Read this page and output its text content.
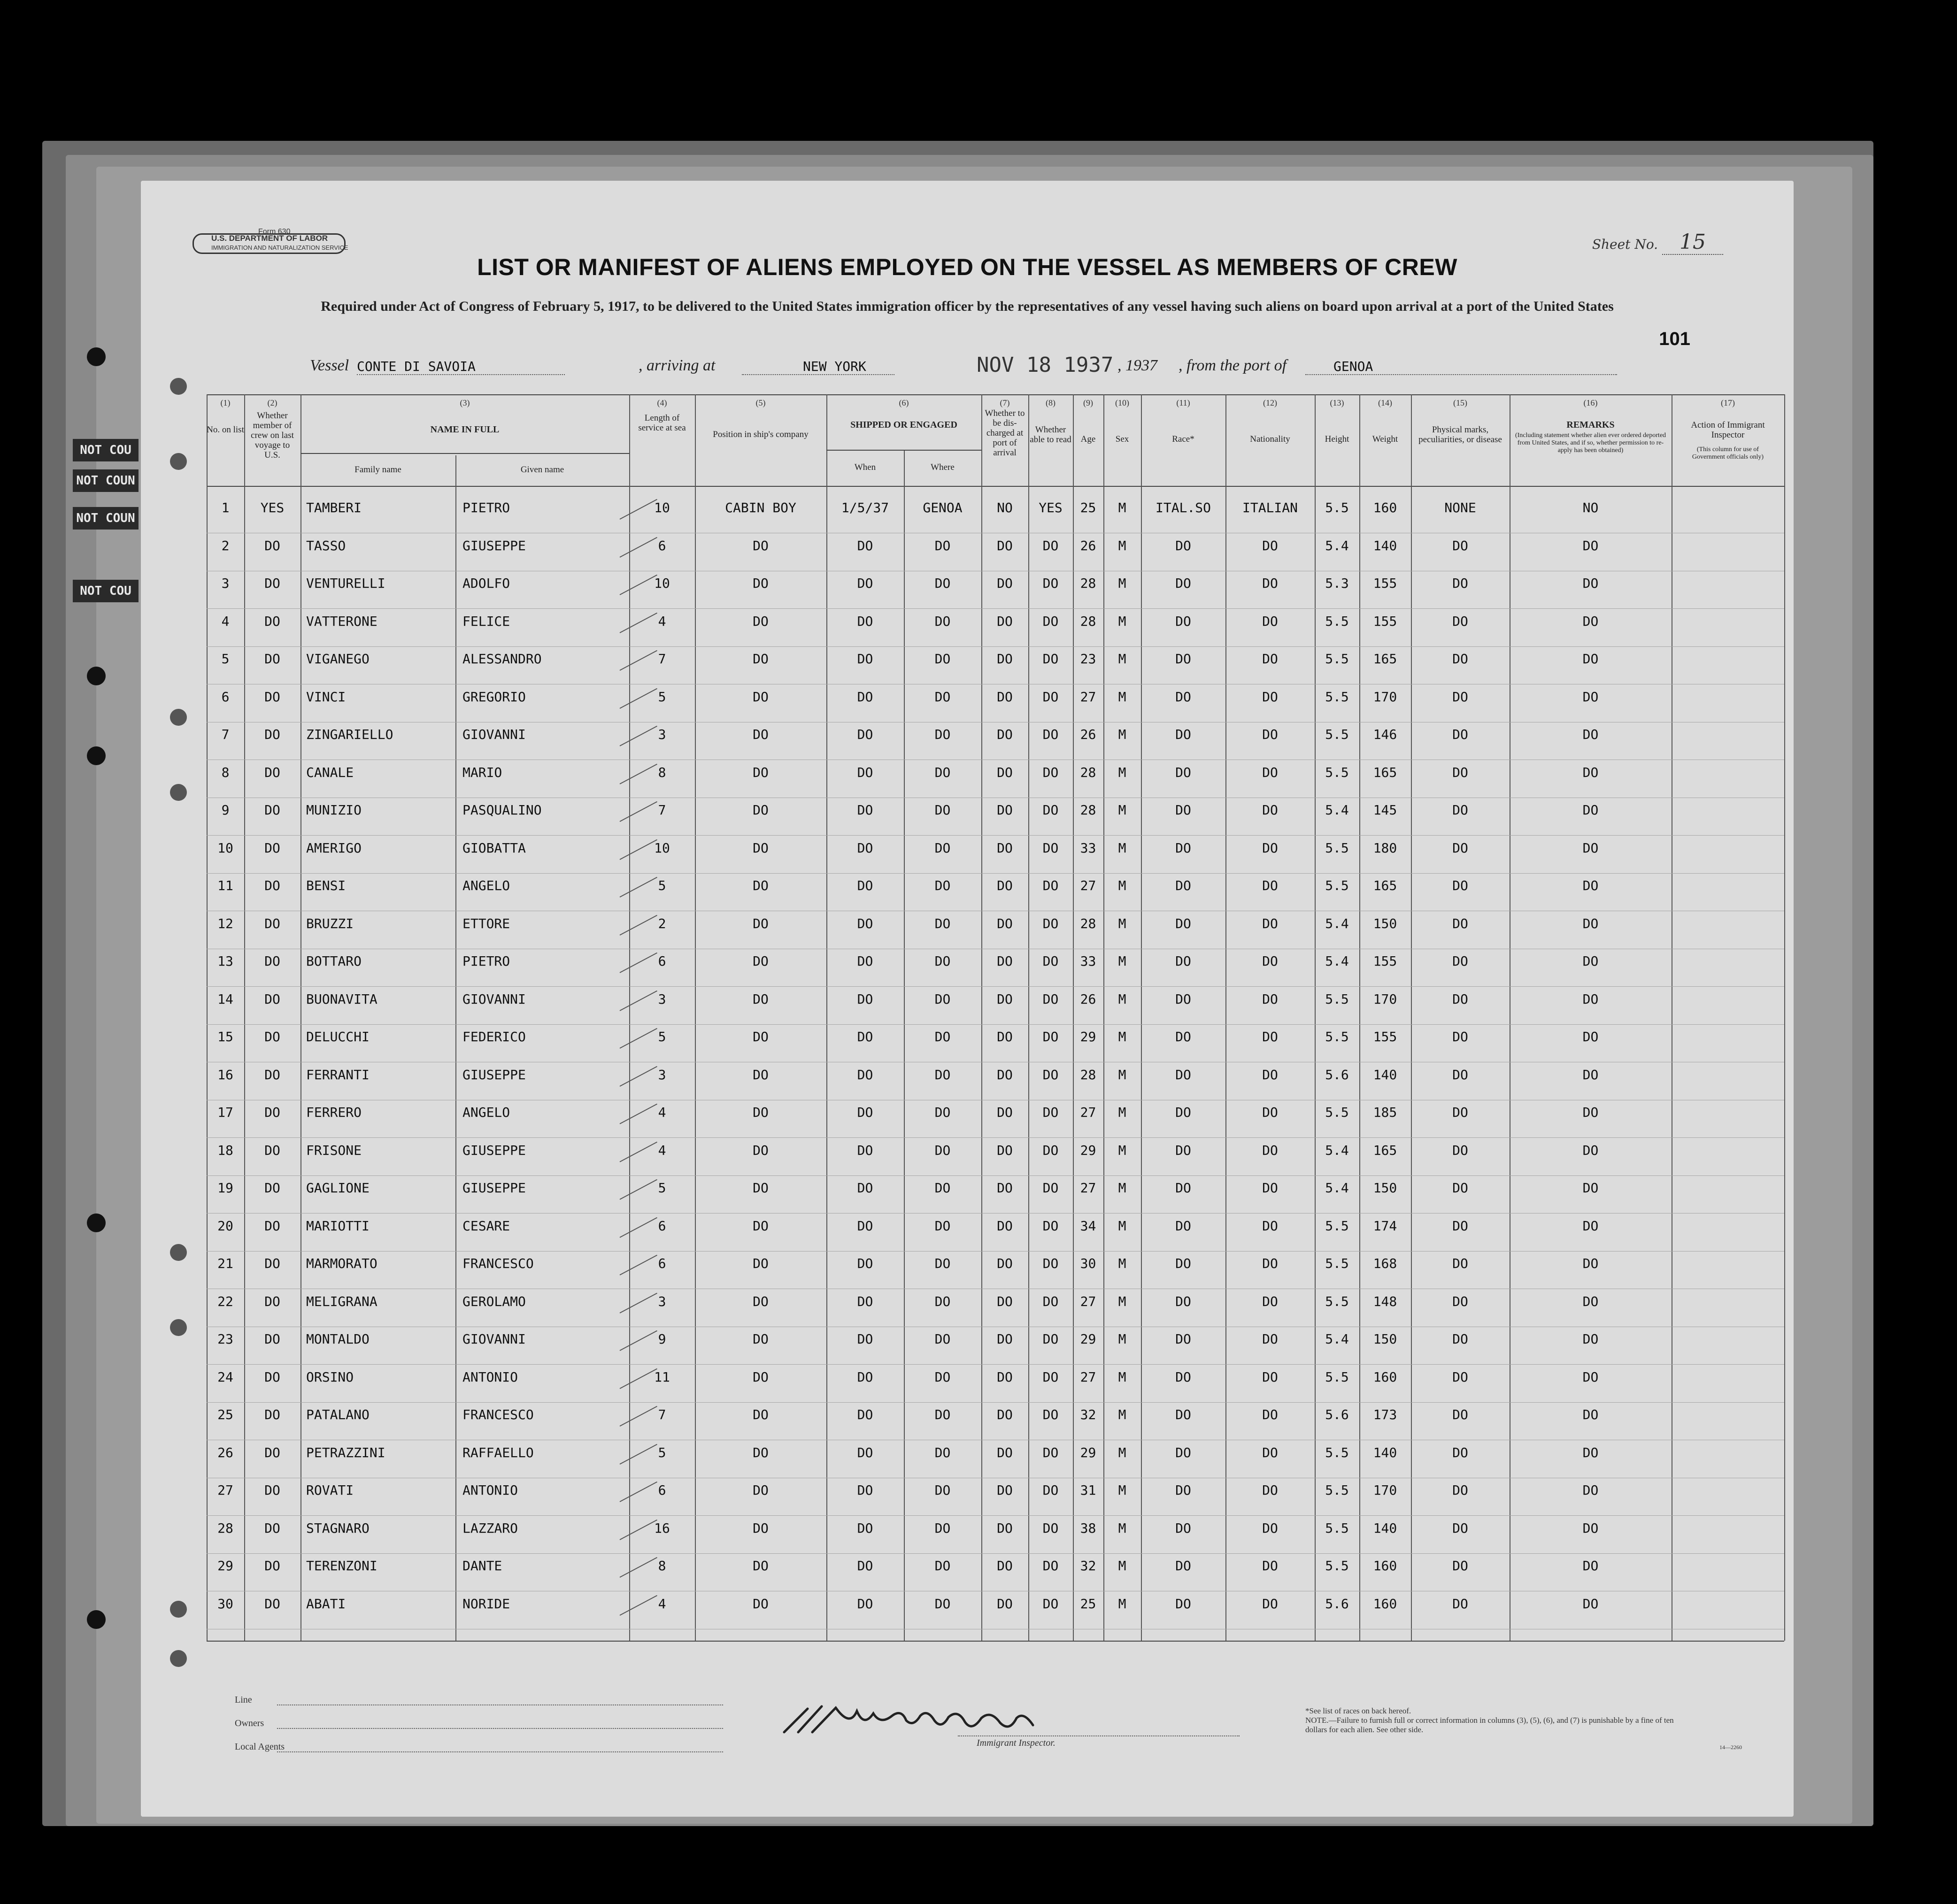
NOT COU
NOT COUN
NOT COUN
NOT COU
Form 630
U.S. DEPARTMENT OF LABOR
IMMIGRATION AND NATURALIZATION SERVICE	Sheet No. 15
LIST OR MANIFEST OF ALIENS EMPLOYED ON THE VESSEL AS MEMBERS OF CREW
Required under Act of Congress of February 5, 1917, to be delivered to the United States immigration officer by the representatives of any vessel having such aliens on board upon arrival at a port of the United States
101
Vessel CONTE DI SAVOIA	, arriving at	NEW YORK	NOV 18 1937 , 1937 , from the port of	GENOA
(1)	(2)	(3)	(4)	(5)	(6)	(7)	(8)	(9)	(10)	(11)	(12)	(13)	(14)	(15)	(16)	(17)
No. on list
Whether member of crew on last voyage to U.S.
NAME IN FULL
Family name	Given name
Length of service at sea
Position in ship's company
SHIPPED OR ENGAGED
When	Where
Whether to be dis-charged at port of arrival
Whether able to read	Age	Sex	Race*	Nationality	Height	Weight
Physical marks, peculiarities, or disease
REMARKS
(Including statement whether alien ever ordered deported from United States, and if so, whether permission to re-apply has been obtained)
Action of Immigrant Inspector
(This column for use of Government officials only)
1	YES	TAMBERI	PIETRO	10	CABIN BOY	1/5/37	GENOA	NO	YES	25	M	ITAL.SO	ITALIAN	5.5	160	NONE	NO
2	DO	TASSO	GIUSEPPE	6	DO	DO	DO	DO	DO	26	M	DO	DO	5.4	140	DO	DO
3	DO	VENTURELLI	ADOLFO	10	DO	DO	DO	DO	DO	28	M	DO	DO	5.3	155	DO	DO
4	DO	VATTERONE	FELICE	4	DO	DO	DO	DO	DO	28	M	DO	DO	5.5	155	DO	DO
5	DO	VIGANEGO	ALESSANDRO	7	DO	DO	DO	DO	DO	23	M	DO	DO	5.5	165	DO	DO
6	DO	VINCI	GREGORIO	5	DO	DO	DO	DO	DO	27	M	DO	DO	5.5	170	DO	DO
7	DO	ZINGARIELLO	GIOVANNI	3	DO	DO	DO	DO	DO	26	M	DO	DO	5.5	146	DO	DO
8	DO	CANALE	MARIO	8	DO	DO	DO	DO	DO	28	M	DO	DO	5.5	165	DO	DO
9	DO	MUNIZIO	PASQUALINO	7	DO	DO	DO	DO	DO	28	M	DO	DO	5.4	145	DO	DO
10	DO	AMERIGO	GIOBATTA	10	DO	DO	DO	DO	DO	33	M	DO	DO	5.5	180	DO	DO
11	DO	BENSI	ANGELO	5	DO	DO	DO	DO	DO	27	M	DO	DO	5.5	165	DO	DO
12	DO	BRUZZI	ETTORE	2	DO	DO	DO	DO	DO	28	M	DO	DO	5.4	150	DO	DO
13	DO	BOTTARO	PIETRO	6	DO	DO	DO	DO	DO	33	M	DO	DO	5.4	155	DO	DO
14	DO	BUONAVITA	GIOVANNI	3	DO	DO	DO	DO	DO	26	M	DO	DO	5.5	170	DO	DO
15	DO	DELUCCHI	FEDERICO	5	DO	DO	DO	DO	DO	29	M	DO	DO	5.5	155	DO	DO
16	DO	FERRANTI	GIUSEPPE	3	DO	DO	DO	DO	DO	28	M	DO	DO	5.6	140	DO	DO
17	DO	FERRERO	ANGELO	4	DO	DO	DO	DO	DO	27	M	DO	DO	5.5	185	DO	DO
18	DO	FRISONE	GIUSEPPE	4	DO	DO	DO	DO	DO	29	M	DO	DO	5.4	165	DO	DO
19	DO	GAGLIONE	GIUSEPPE	5	DO	DO	DO	DO	DO	27	M	DO	DO	5.4	150	DO	DO
20	DO	MARIOTTI	CESARE	6	DO	DO	DO	DO	DO	34	M	DO	DO	5.5	174	DO	DO
21	DO	MARMORATO	FRANCESCO	6	DO	DO	DO	DO	DO	30	M	DO	DO	5.5	168	DO	DO
22	DO	MELIGRANA	GEROLAMO	3	DO	DO	DO	DO	DO	27	M	DO	DO	5.5	148	DO	DO
23	DO	MONTALDO	GIOVANNI	9	DO	DO	DO	DO	DO	29	M	DO	DO	5.4	150	DO	DO
24	DO	ORSINO	ANTONIO	11	DO	DO	DO	DO	DO	27	M	DO	DO	5.5	160	DO	DO
25	DO	PATALANO	FRANCESCO	7	DO	DO	DO	DO	DO	32	M	DO	DO	5.6	173	DO	DO
26	DO	PETRAZZINI	RAFFAELLO	5	DO	DO	DO	DO	DO	29	M	DO	DO	5.5	140	DO	DO
27	DO	ROVATI	ANTONIO	6	DO	DO	DO	DO	DO	31	M	DO	DO	5.5	170	DO	DO
28	DO	STAGNARO	LAZZARO	16	DO	DO	DO	DO	DO	38	M	DO	DO	5.5	140	DO	DO
29	DO	TERENZONI	DANTE	8	DO	DO	DO	DO	DO	32	M	DO	DO	5.5	160	DO	DO
30	DO	ABATI	NORIDE	4	DO	DO	DO	DO	DO	25	M	DO	DO	5.6	160	DO	DO
Line
Owners
Local Agents	Immigrant Inspector.
*See list of races on back hereof.
NOTE.—Failure to furnish full or correct information in columns (3), (5), (6), and (7) is punishable by a fine of ten dollars for each alien. See other side.
14—2260
